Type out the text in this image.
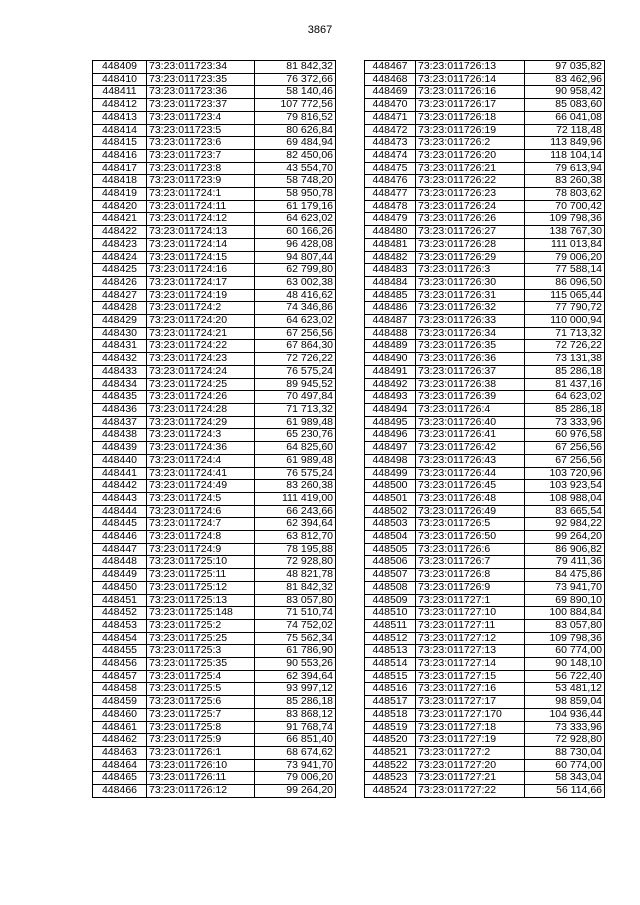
3867
448409	73:23:011723:34	81 842,32
448410	73:23:011723:35	76 372,66
448411	73:23:011723:36	58 140,46
448412	73:23:011723:37	107 772,56
448413	73:23:011723:4	79 816,52
448414	73:23:011723:5	80 626,84
448415	73:23:011723:6	69 484,94
448416	73:23:011723:7	82 450,06
448417	73:23:011723:8	43 554,70
448418	73:23:011723:9	58 748,20
448419	73:23:011724:1	58 950,78
448420	73:23:011724:11	61 179,16
448421	73:23:011724:12	64 623,02
448422	73:23:011724:13	60 166,26
448423	73:23:011724:14	96 428,08
448424	73:23:011724:15	94 807,44
448425	73:23:011724:16	62 799,80
448426	73:23:011724:17	63 002,38
448427	73:23:011724:19	48 416,62
448428	73:23:011724:2	74 346,86
448429	73:23:011724:20	64 623,02
448430	73:23:011724:21	67 256,56
448431	73:23:011724:22	67 864,30
448432	73:23:011724:23	72 726,22
448433	73:23:011724:24	76 575,24
448434	73:23:011724:25	89 945,52
448435	73:23:011724:26	70 497,84
448436	73:23:011724:28	71 713,32
448437	73:23:011724:29	61 989,48
448438	73:23:011724:3	65 230,76
448439	73:23:011724:36	64 825,60
448440	73:23:011724:4	61 989,48
448441	73:23:011724:41	76 575,24
448442	73:23:011724:49	83 260,38
448443	73:23:011724:5	111 419,00
448444	73:23:011724:6	66 243,66
448445	73:23:011724:7	62 394,64
448446	73:23:011724:8	63 812,70
448447	73:23:011724:9	78 195,88
448448	73:23:011725:10	72 928,80
448449	73:23:011725:11	48 821,78
448450	73:23:011725:12	81 842,32
448451	73:23:011725:13	83 057,80
448452	73:23:011725:148	71 510,74
448453	73:23:011725:2	74 752,02
448454	73:23:011725:25	75 562,34
448455	73:23:011725:3	61 786,90
448456	73:23:011725:35	90 553,26
448457	73:23:011725:4	62 394,64
448458	73:23:011725:5	93 997,12
448459	73:23:011725:6	85 286,18
448460	73:23:011725:7	83 868,12
448461	73:23:011725:8	91 768,74
448462	73:23:011725:9	66 851,40
448463	73:23:011726:1	68 674,62
448464	73:23:011726:10	73 941,70
448465	73:23:011726:11	79 006,20
448466	73:23:011726:12	99 264,20
448467	73:23:011726:13	97 035,82
448468	73:23:011726:14	83 462,96
448469	73:23:011726:16	90 958,42
448470	73:23:011726:17	85 083,60
448471	73:23:011726:18	66 041,08
448472	73:23:011726:19	72 118,48
448473	73:23:011726:2	113 849,96
448474	73:23:011726:20	118 104,14
448475	73:23:011726:21	79 613,94
448476	73:23:011726:22	83 260,38
448477	73:23:011726:23	78 803,62
448478	73:23:011726:24	70 700,42
448479	73:23:011726:26	109 798,36
448480	73:23:011726:27	138 767,30
448481	73:23:011726:28	111 013,84
448482	73:23:011726:29	79 006,20
448483	73:23:011726:3	77 588,14
448484	73:23:011726:30	86 096,50
448485	73:23:011726:31	115 065,44
448486	73:23:011726:32	77 790,72
448487	73:23:011726:33	110 000,94
448488	73:23:011726:34	71 713,32
448489	73:23:011726:35	72 726,22
448490	73:23:011726:36	73 131,38
448491	73:23:011726:37	85 286,18
448492	73:23:011726:38	81 437,16
448493	73:23:011726:39	64 623,02
448494	73:23:011726:4	85 286,18
448495	73:23:011726:40	73 333,96
448496	73:23:011726:41	60 976,58
448497	73:23:011726:42	67 256,56
448498	73:23:011726:43	67 256,56
448499	73:23:011726:44	103 720,96
448500	73:23:011726:45	103 923,54
448501	73:23:011726:48	108 988,04
448502	73:23:011726:49	83 665,54
448503	73:23:011726:5	92 984,22
448504	73:23:011726:50	99 264,20
448505	73:23:011726:6	86 906,82
448506	73:23:011726:7	79 411,36
448507	73:23:011726:8	84 475,86
448508	73:23:011726:9	73 941,70
448509	73:23:011727:1	69 890,10
448510	73:23:011727:10	100 884,84
448511	73:23:011727:11	83 057,80
448512	73:23:011727:12	109 798,36
448513	73:23:011727:13	60 774,00
448514	73:23:011727:14	90 148,10
448515	73:23:011727:15	56 722,40
448516	73:23:011727:16	53 481,12
448517	73:23:011727:17	98 859,04
448518	73:23:011727:170	104 936,44
448519	73:23:011727:18	73 333,96
448520	73:23:011727:19	72 928,80
448521	73:23:011727:2	88 730,04
448522	73:23:011727:20	60 774,00
448523	73:23:011727:21	58 343,04
448524	73:23:011727:22	56 114,66
